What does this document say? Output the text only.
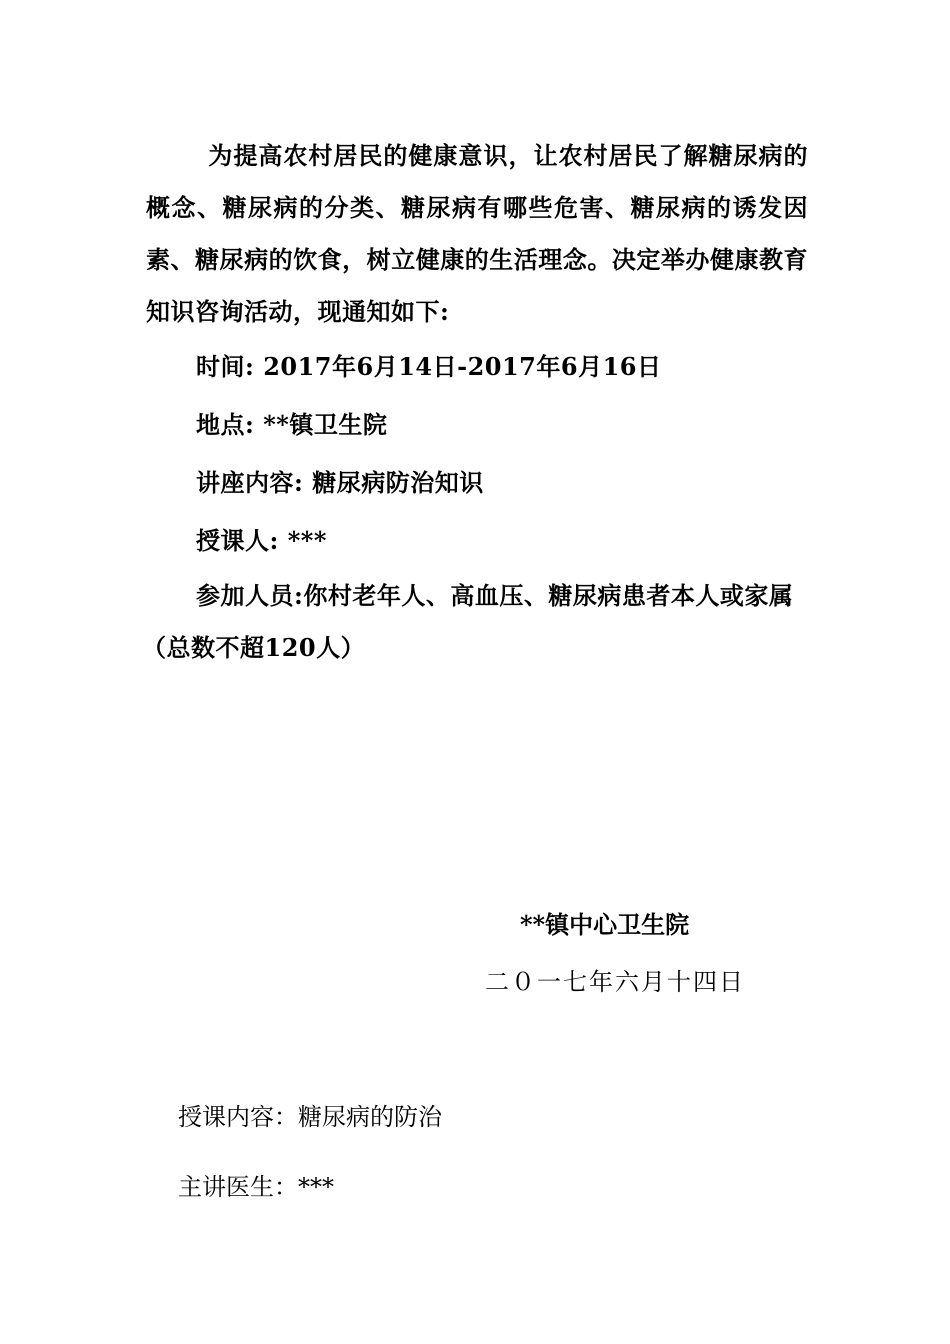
为提高农村居民的健康意识，让农村居民了解糖尿病的概念、糖尿病的分类、糖尿病有哪些危害、糖尿病的诱发因素、糖尿病的饮食，树立健康的生活理念。决定举办健康教育知识咨询活动，现通知如下:

时间: 2017年6月14日-2017年6月16日

地点: **镇卫生院

讲座内容: 糖尿病防治知识

授课人: ***

参加人员:你村老年人、高血压、糖尿病患者本人或家属
（总数不超120人）

**镇中心卫生院
二０一七年六月十四日
授课内容：糖尿病的防治
主讲医生：***
